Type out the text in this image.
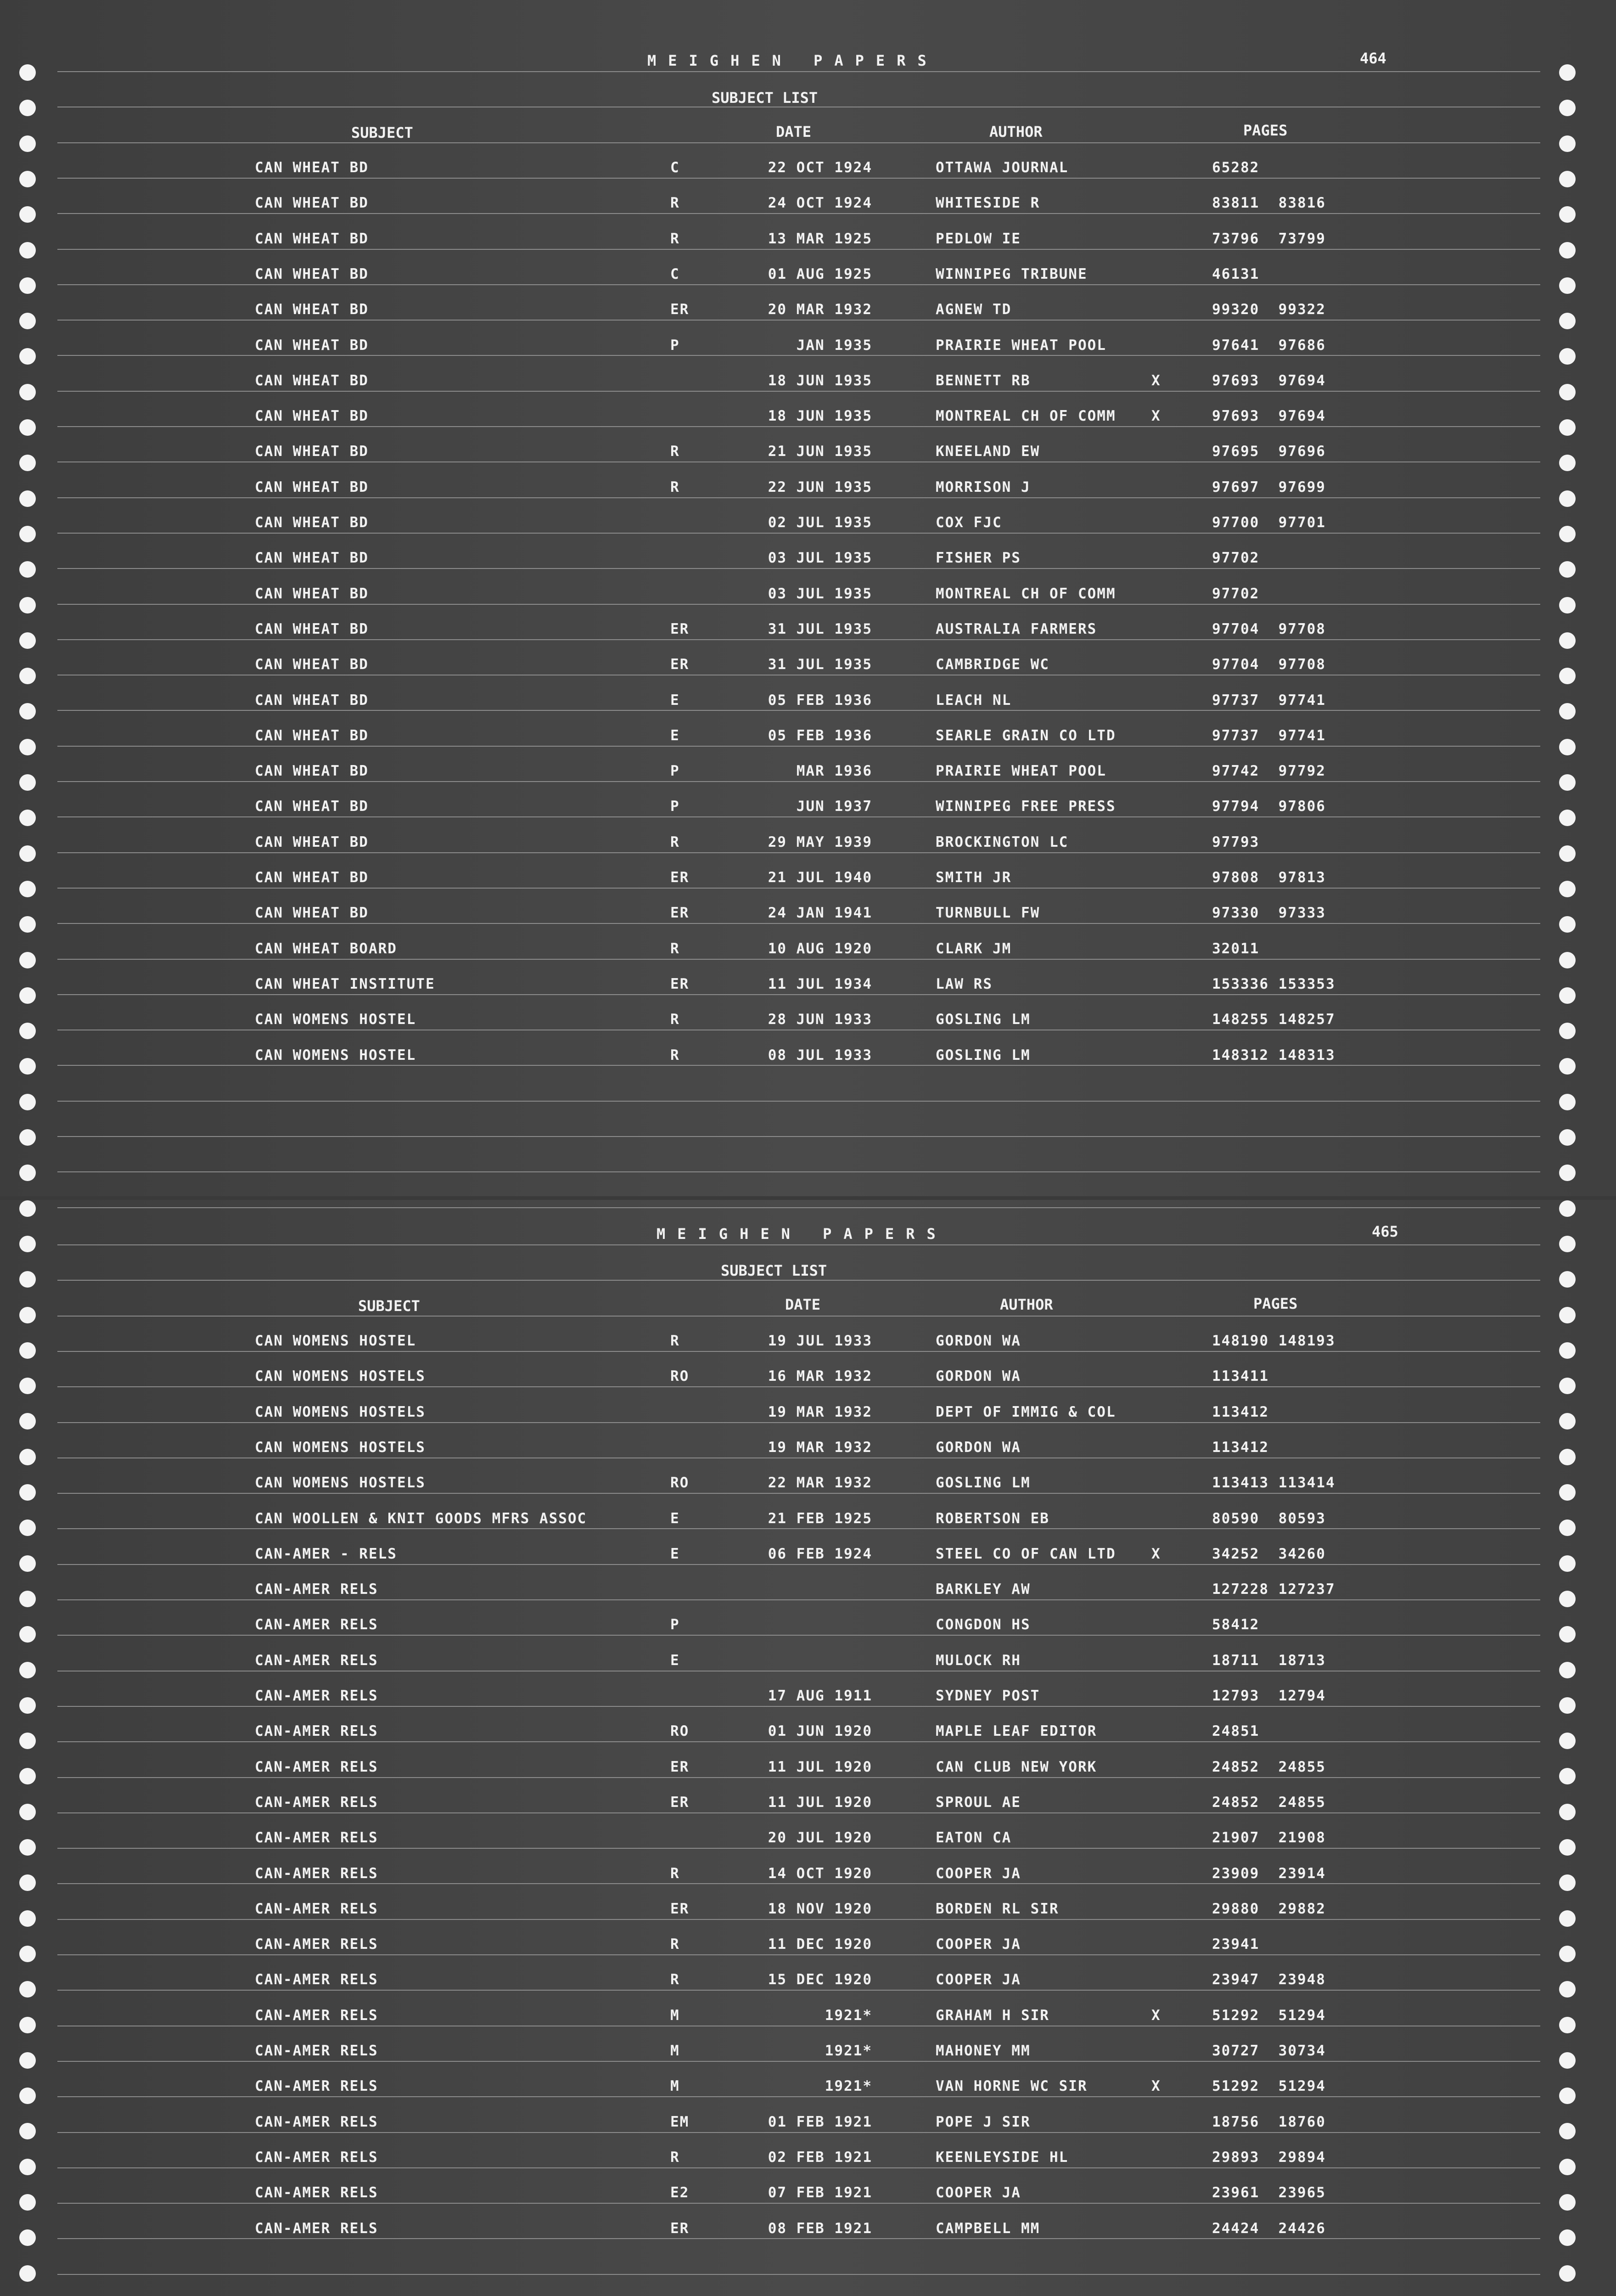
MEIGHEN PAPERS	464
SUBJECT LIST
SUBJECT	DATE	AUTHOR	PAGES
CAN WHEAT BD	C	22 OCT 1924	OTTAWA JOURNAL	65282
CAN WHEAT BD	R	24 OCT 1924	WHITESIDE R	83811  83816
CAN WHEAT BD	R	13 MAR 1925	PEDLOW IE	73796  73799
CAN WHEAT BD	C	01 AUG 1925	WINNIPEG TRIBUNE	46131
CAN WHEAT BD	ER	20 MAR 1932	AGNEW TD	99320  99322
CAN WHEAT BD	P	JAN 1935	PRAIRIE WHEAT POOL	97641  97686
CAN WHEAT BD	18 JUN 1935	BENNETT RB	X	97693  97694
CAN WHEAT BD	18 JUN 1935	MONTREAL CH OF COMM X	97693  97694
CAN WHEAT BD	R	21 JUN 1935	KNEELAND EW	97695  97696
CAN WHEAT BD	R	22 JUN 1935	MORRISON J	97697  97699
CAN WHEAT BD	02 JUL 1935	COX FJC	97700  97701
CAN WHEAT BD	03 JUL 1935	FISHER PS	97702
CAN WHEAT BD	03 JUL 1935	MONTREAL CH OF COMM	97702
CAN WHEAT BD	ER	31 JUL 1935	AUSTRALIA FARMERS	97704  97708
CAN WHEAT BD	ER	31 JUL 1935	CAMBRIDGE WC	97704  97708
CAN WHEAT BD	E	05 FEB 1936	LEACH NL	97737  97741
CAN WHEAT BD	E	05 FEB 1936	SEARLE GRAIN CO LTD	97737  97741
CAN WHEAT BD	P	MAR 1936	PRAIRIE WHEAT POOL	97742  97792
CAN WHEAT BD	P	JUN 1937	WINNIPEG FREE PRESS	97794  97806
CAN WHEAT BD	R	29 MAY 1939	BROCKINGTON LC	97793
CAN WHEAT BD	ER	21 JUL 1940	SMITH JR	97808  97813
CAN WHEAT BD	ER	24 JAN 1941	TURNBULL FW	97330  97333
CAN WHEAT BOARD	R	10 AUG 1920	CLARK JM	32011
CAN WHEAT INSTITUTE	ER	11 JUL 1934	LAW RS	153336 153353
CAN WOMENS HOSTEL	R	28 JUN 1933	GOSLING LM	148255 148257
CAN WOMENS HOSTEL	R	08 JUL 1933	GOSLING LM	148312 148313
MEIGHEN PAPERS	465
SUBJECT LIST
SUBJECT	DATE	AUTHOR	PAGES
CAN WOMENS HOSTEL	R	19 JUL 1933	GORDON WA	148190 148193
CAN WOMENS HOSTELS	RO	16 MAR 1932	GORDON WA	113411
CAN WOMENS HOSTELS	19 MAR 1932	DEPT OF IMMIG & COL	113412
CAN WOMENS HOSTELS	19 MAR 1932	GORDON WA	113412
CAN WOMENS HOSTELS	RO	22 MAR 1932	GOSLING LM	113413 113414
CAN WOOLLEN & KNIT GOODS MFRS ASSOC	E	21 FEB 1925	ROBERTSON EB	80590  80593
CAN-AMER - RELS	E	06 FEB 1924	STEEL CO OF CAN LTD X	34252  34260
CAN-AMER RELS	BARKLEY AW	127228 127237
CAN-AMER RELS	P	CONGDON HS	58412
CAN-AMER RELS	E	MULOCK RH	18711  18713
CAN-AMER RELS	17 AUG 1911	SYDNEY POST	12793  12794
CAN-AMER RELS	RO	01 JUN 1920	MAPLE LEAF EDITOR	24851
CAN-AMER RELS	ER	11 JUL 1920	CAN CLUB NEW YORK	24852  24855
CAN-AMER RELS	ER	11 JUL 1920	SPROUL AE	24852  24855
CAN-AMER RELS	20 JUL 1920	EATON CA	21907  21908
CAN-AMER RELS	R	14 OCT 1920	COOPER JA	23909  23914
CAN-AMER RELS	ER	18 NOV 1920	BORDEN RL SIR	29880  29882
CAN-AMER RELS	R	11 DEC 1920	COOPER JA	23941
CAN-AMER RELS	R	15 DEC 1920	COOPER JA	23947  23948
CAN-AMER RELS	M	1921*	GRAHAM H SIR	X	51292  51294
CAN-AMER RELS	M	1921*	MAHONEY MM	30727  30734
CAN-AMER RELS	M	1921*	VAN HORNE WC SIR	X	51292  51294
CAN-AMER RELS	EM	01 FEB 1921	POPE J SIR	18756  18760
CAN-AMER RELS	R	02 FEB 1921	KEENLEYSIDE HL	29893  29894
CAN-AMER RELS	E2	07 FEB 1921	COOPER JA	23961  23965
CAN-AMER RELS	ER	08 FEB 1921	CAMPBELL MM	24424  24426
